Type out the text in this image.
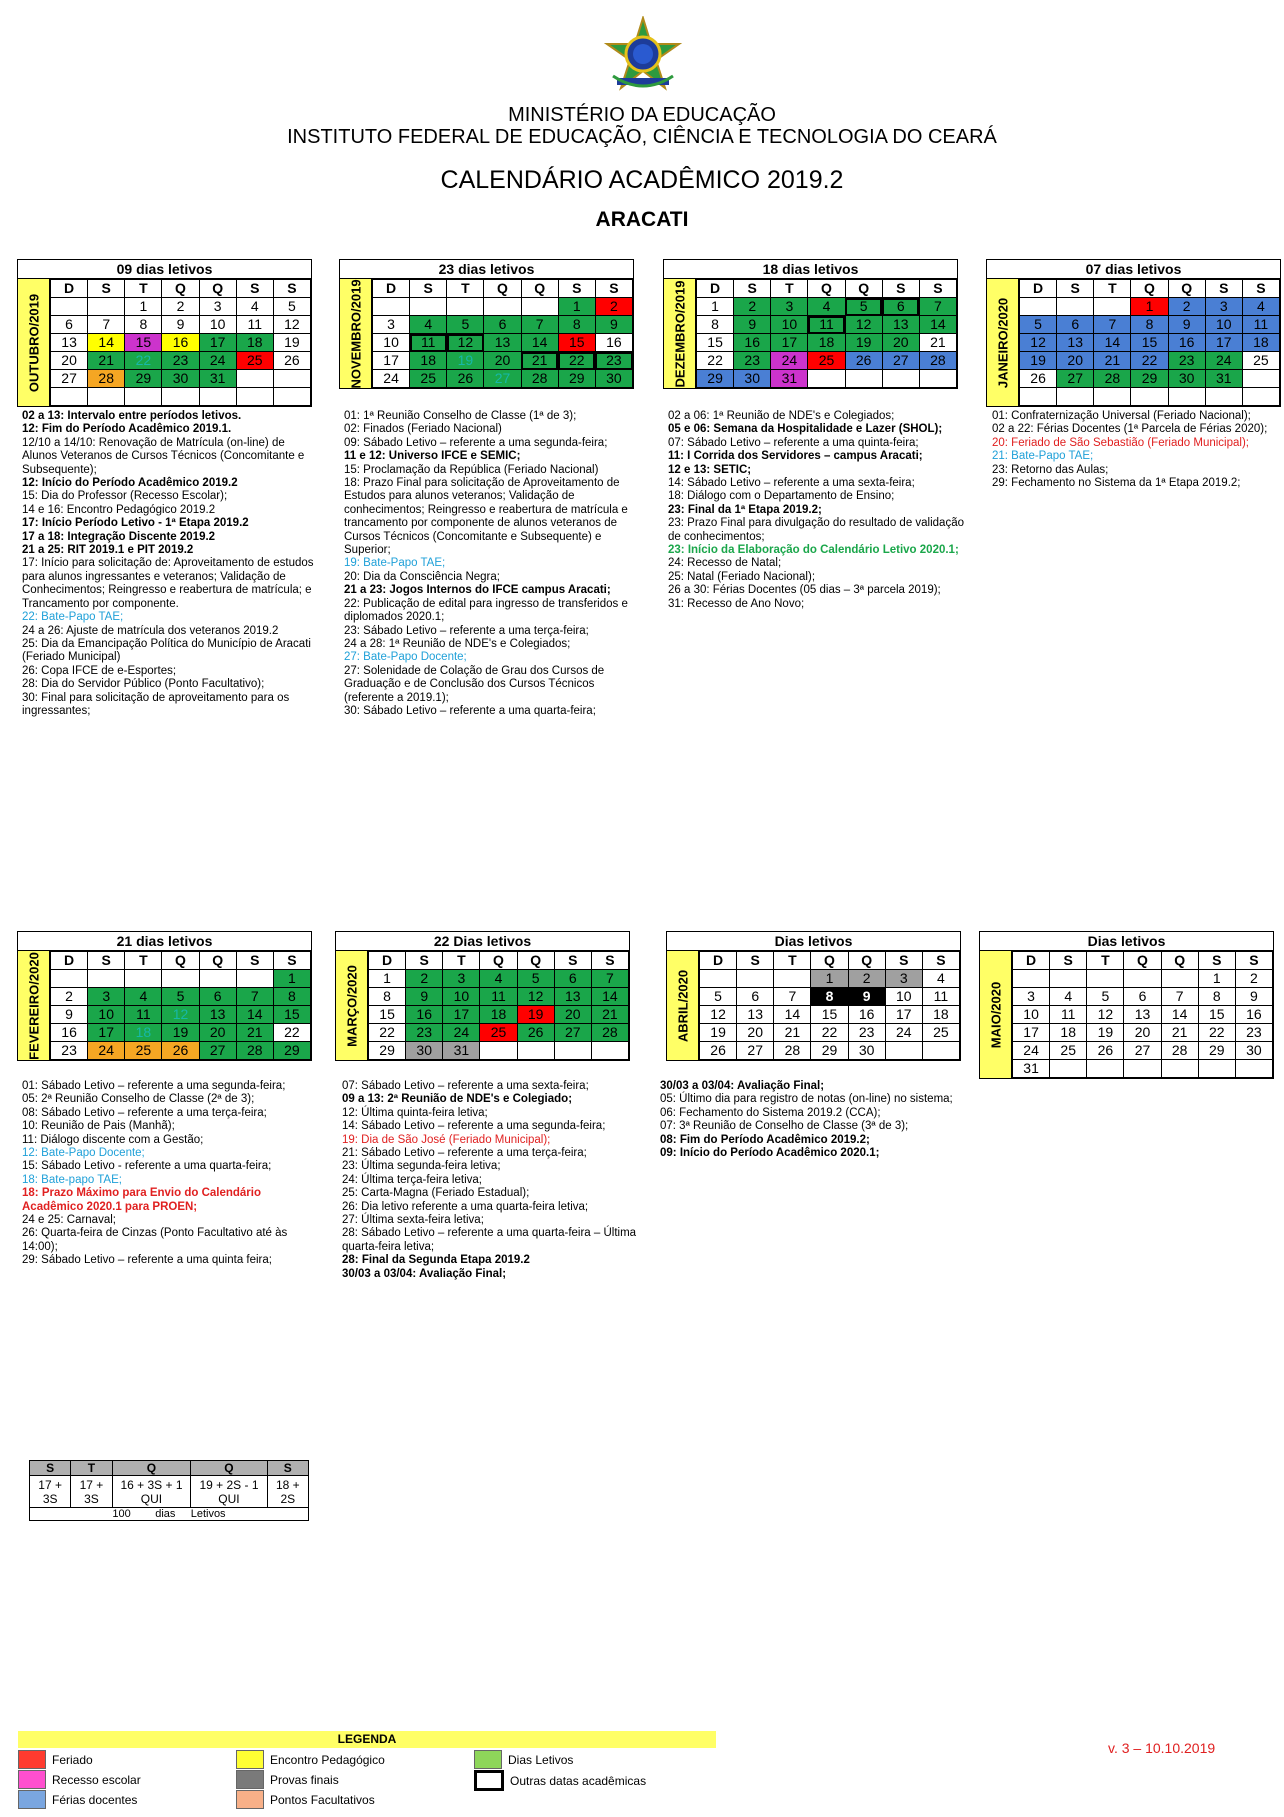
MINISTÉRIO DA EDUCAÇÃO
INSTITUTO FEDERAL DE EDUCAÇÃO, CIÊNCIA E TECNOLOGIA DO CEARÁ
CALENDÁRIO ACADÊMICO 2019.2
ARACATI
09 dias letivos
OUTUBRO/2019
D	S	T	Q	Q	S	S
		1	2	3	4	5
6	7	8	9	10	11	12
13	14	15	16	17	18	19
20	21	22	23	24	25	26
27	28	29	30	31		

23 dias letivos
NOVEMBRO/2019 D	S	T	Q	Q	S	S
					1	2
3	4	5	6	7	8	9
10	11	12	13	14	15	16
17	18	19	20	21	22	23
24	25	26	27	28	29	30
18 dias letivos
DEZEMBRO/2019 D	S	T	Q	Q	S	S
1	2	3	4	5	6	7
8	9	10	11	12	13	14
15	16	17	18	19	20	21
22	23	24	25	26	27	28
29	30	31				
07 dias letivos
JANEIRO/2020
D	S	T	Q	Q	S	S
			1	2	3	4
5	6	7	8	9	10	11
12	13	14	15	16	17	18
19	20	21	22	23	24	25
26	27	28	29	30	31	

21 dias letivos
FEVEREIRO/2020 D	S	T	Q	Q	S	S
						1
2	3	4	5	6	7	8
9	10	11	12	13	14	15
16	17	18	19	20	21	22
23	24	25	26	27	28	29
22 Dias letivos
MARÇO/2020
D	S	T	Q	Q	S	S
1	2	3	4	5	6	7
8	9	10	11	12	13	14
15	16	17	18	19	20	21
22	23	24	25	26	27	28
29	30	31				
Dias letivos
ABRIL/2020
D	S	T	Q	Q	S	S
			1	2	3	4
5	6	7	8	9	10	11
12	13	14	15	16	17	18
19	20	21	22	23	24	25
26	27	28	29	30		
Dias letivos
MAIO/2020
D	S	T	Q	Q	S	S
					1	2
3	4	5	6	7	8	9
10	11	12	13	14	15	16
17	18	19	20	21	22	23
24	25	26	27	28	29	30
31						
02 a 13: Intervalo entre períodos letivos.
12: Fim do Período Acadêmico 2019.1.
12/10 a 14/10: Renovação de Matrícula (on-line) de Alunos Veteranos de Cursos Técnicos (Concomitante e Subsequente);
12: Início do Período Acadêmico 2019.2
15: Dia do Professor (Recesso Escolar);
14 e 16: Encontro Pedagógico 2019.2
17: Início Período Letivo - 1ª Etapa 2019.2
17 a 18: Integração Discente 2019.2
21 a 25: RIT 2019.1 e PIT 2019.2
17: Início para solicitação de: Aproveitamento de estudos para alunos ingressantes e veteranos; Validação de Conhecimentos; Reingresso e reabertura de matrícula; e Trancamento por componente.
22: Bate-Papo TAE;
24 a 26: Ajuste de matrícula dos veteranos 2019.2
25: Dia da Emancipação Política do Município de Aracati (Feriado Municipal)
26: Copa IFCE de e-Esportes;
28: Dia do Servidor Público (Ponto Facultativo);
30: Final para solicitação de aproveitamento para os ingressantes;
01: 1ª Reunião Conselho de Classe (1ª de 3);
02: Finados (Feriado Nacional)
09: Sábado Letivo – referente a uma segunda-feira;
11 e 12: Universo IFCE e SEMIC;
15: Proclamação da República (Feriado Nacional)
18: Prazo Final para solicitação de Aproveitamento de Estudos para alunos veteranos; Validação de conhecimentos; Reingresso e reabertura de matrícula e trancamento por componente de alunos veteranos de Cursos Técnicos (Concomitante e Subsequente) e Superior;
19: Bate-Papo TAE;
20: Dia da Consciência Negra;
21 a 23: Jogos Internos do IFCE campus Aracati;
22: Publicação de edital para ingresso de transferidos e diplomados 2020.1;
23: Sábado Letivo – referente a uma terça-feira;
24 a 28: 1ª Reunião de NDE's e Colegiados;
27: Bate-Papo Docente;
27: Solenidade de Colação de Grau dos Cursos de Graduação e de Conclusão dos Cursos Técnicos (referente a 2019.1);
30: Sábado Letivo – referente a uma quarta-feira;
02 a 06: 1ª Reunião de NDE's e Colegiados;
05 e 06: Semana da Hospitalidade e Lazer (SHOL);
07: Sábado Letivo – referente a uma quinta-feira;
11: I Corrida dos Servidores – campus Aracati;
12 e 13: SETIC;
14: Sábado Letivo – referente a uma sexta-feira;
18: Diálogo com o Departamento de Ensino;
23: Final da 1ª Etapa 2019.2;
23: Prazo Final para divulgação do resultado de validação de conhecimentos;
23: Início da Elaboração do Calendário Letivo 2020.1;
24: Recesso de Natal;
25: Natal (Feriado Nacional);
26 a 30: Férias Docentes (05 dias – 3ª parcela 2019);
31: Recesso de Ano Novo;
01: Confraternização Universal (Feriado Nacional);
02 a 22: Férias Docentes (1ª Parcela de Férias 2020);
20: Feriado de São Sebastião (Feriado Municipal);
21: Bate-Papo TAE;
23: Retorno das Aulas;
29: Fechamento no Sistema da 1ª Etapa 2019.2;
01: Sábado Letivo – referente a uma segunda-feira;
05: 2ª Reunião Conselho de Classe (2ª de 3);
08: Sábado Letivo – referente a uma terça-feira;
10: Reunião de Pais (Manhã);
11: Diálogo discente com a Gestão;
12: Bate-Papo Docente;
15: Sábado Letivo - referente a uma quarta-feira;
18: Bate-papo TAE;
18: Prazo Máximo para Envio do Calendário Acadêmico 2020.1 para PROEN;
24 e 25: Carnaval;
26: Quarta-feira de Cinzas (Ponto Facultativo até às 14:00);
29: Sábado Letivo – referente a uma quinta feira;
07: Sábado Letivo – referente a uma sexta-feira;
09 a 13: 2ª Reunião de NDE's e Colegiado;
12: Última quinta-feira letiva;
14: Sábado Letivo – referente a uma segunda-feira;
19: Dia de São José (Feriado Municipal);
21: Sábado Letivo – referente a uma terça-feira;
23: Última segunda-feira letiva;
24: Última terça-feira letiva;
25: Carta-Magna (Feriado Estadual);
26: Dia letivo referente a uma quarta-feira letiva;
27: Última sexta-feira letiva;
28: Sábado Letivo – referente a uma quarta-feira – Última quarta-feira letiva;
28: Final da Segunda Etapa 2019.2
30/03 a 03/04: Avaliação Final;
30/03 a 03/04: Avaliação Final;
05: Último dia para registro de notas (on-line) no sistema;
06: Fechamento do Sistema 2019.2 (CCA);
07: 3ª Reunião de Conselho de Classe (3ª de 3);
08: Fim do Período Acadêmico 2019.2;
09: Início do Período Acadêmico 2020.1;
S	T	Q	Q	S
17 + 3S	17 + 3S	16 + 3S + 1 QUI	19 + 2S - 1 QUI	18 + 2S
100 dias Letivos				
LEGENDA
Feriado
Recesso escolar
Férias docentes
Encontro Pedagógico
Provas finais
Pontos Facultativos
Dias Letivos
Outras datas acadêmicas
v. 3 – 10.10.2019
